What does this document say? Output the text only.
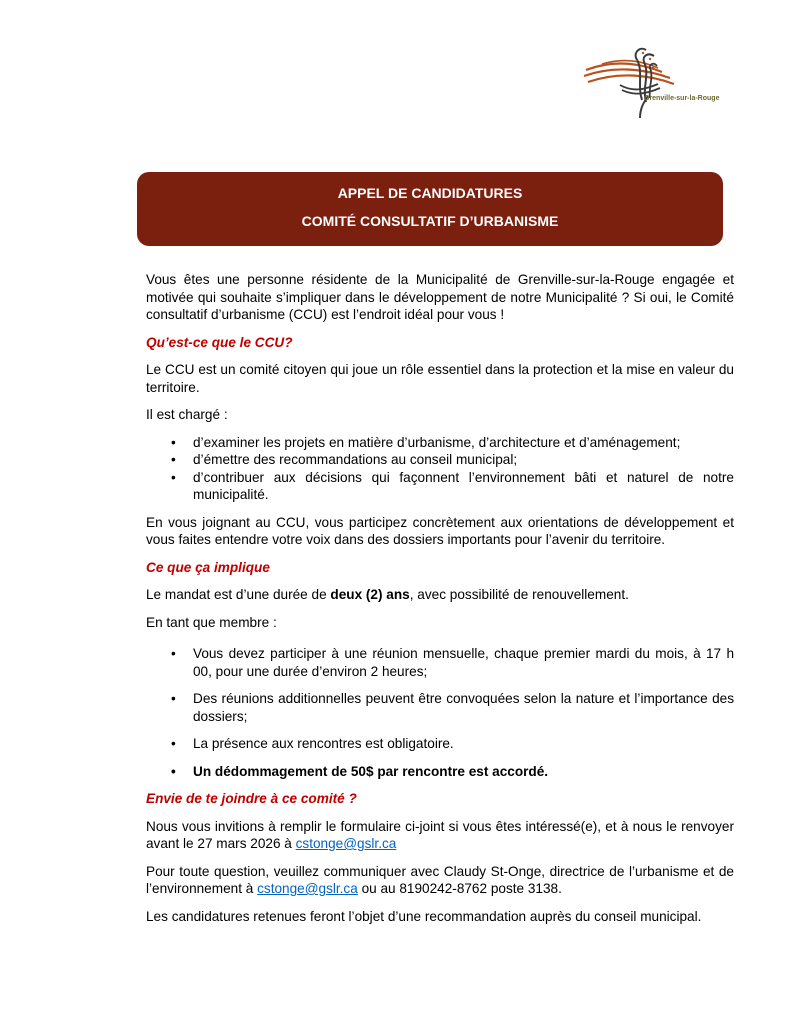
Grenville-sur-la-Rouge
APPEL DE CANDIDATURES
COMITÉ CONSULTATIF D’URBANISME

Vous êtes une personne résidente de la Municipalité de Grenville-sur-la-Rouge engagée et motivée qui souhaite s’impliquer dans le développement de notre Municipalité ? Si oui, le Comité consultatif d’urbanisme (CCU) est l’endroit idéal pour vous !

Qu’est-ce que le CCU?

Le CCU est un comité citoyen qui joue un rôle essentiel dans la protection et la mise en valeur du territoire.

Il est chargé :

• d’examiner les projets en matière d’urbanisme, d’architecture et d’aménagement;
• d’émettre des recommandations au conseil municipal;
• d’contribuer aux décisions qui façonnent l’environnement bâti et naturel de notre municipalité.

En vous joignant au CCU, vous participez concrètement aux orientations de développement et vous faites entendre votre voix dans des dossiers importants pour l’avenir du territoire.

Ce que ça implique

Le mandat est d’une durée de deux (2) ans, avec possibilité de renouvellement.

En tant que membre :

• Vous devez participer à une réunion mensuelle, chaque premier mardi du mois, à 17 h 00, pour une durée d’environ 2 heures;
• Des réunions additionnelles peuvent être convoquées selon la nature et l’importance des dossiers;
• La présence aux rencontres est obligatoire.
• Un dédommagement de 50$ par rencontre est accordé.
Envie de te joindre à ce comité ?

Nous vous invitions à remplir le formulaire ci-joint si vous êtes intéressé(e), et à nous le renvoyer avant le 27 mars 2026 à cstonge@gslr.ca

Pour toute question, veuillez communiquer avec Claudy St-Onge, directrice de l’urbanisme et de l’environnement à cstonge@gslr.ca ou au 8190242-8762 poste 3138.

Les candidatures retenues feront l’objet d’une recommandation auprès du conseil municipal.
